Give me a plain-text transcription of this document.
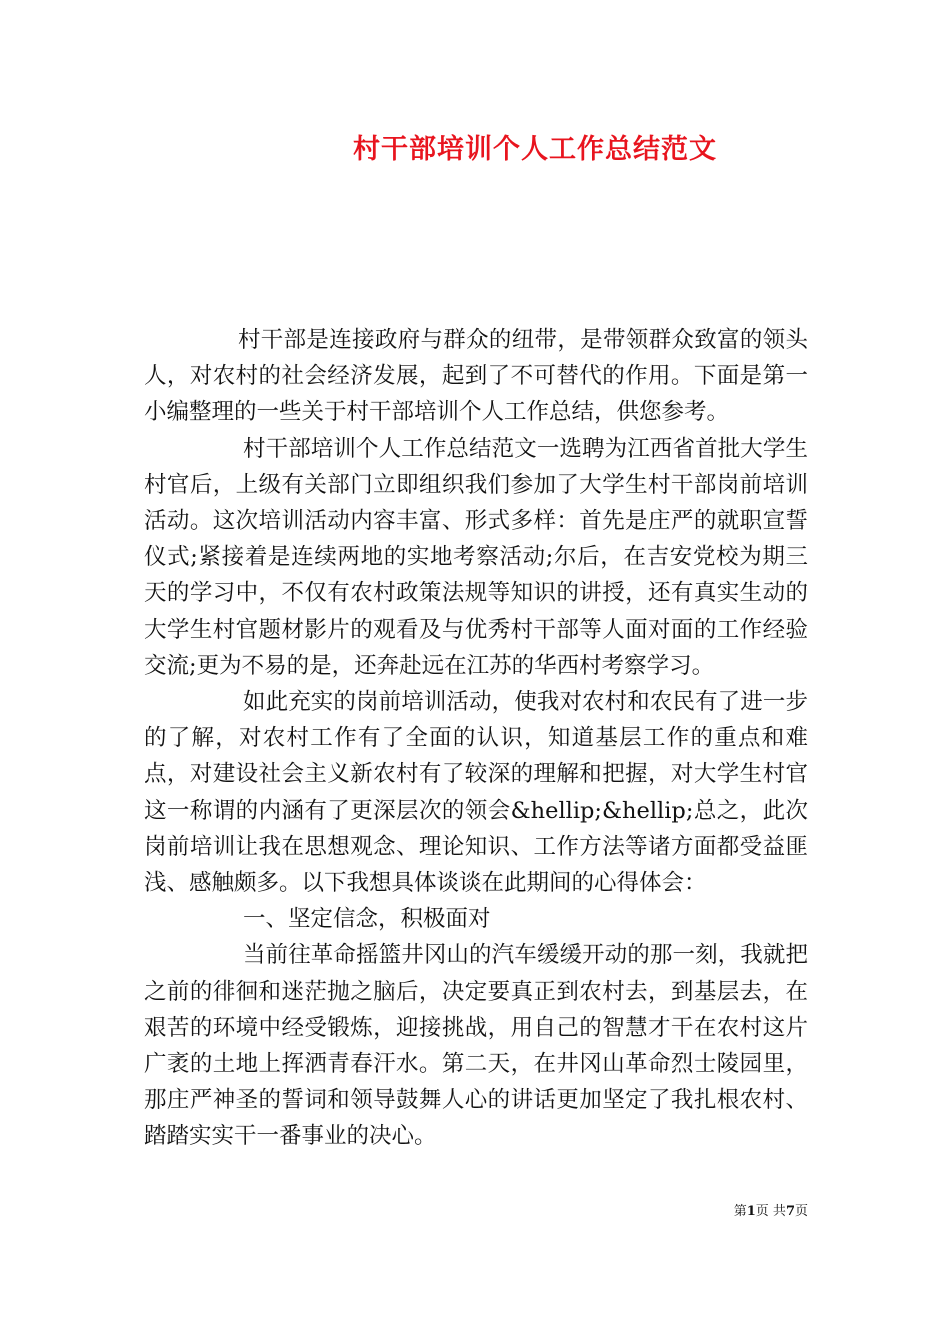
村干部培训个人工作总结范文

村干部是连接政府与群众的纽带，是带领群众致富的领头人，对农村的社会经济发展，起到了不可替代的作用。下面是第一小编整理的一些关于村干部培训个人工作总结，供您参考。

村干部培训个人工作总结范文一选聘为江西省首批大学生村官后，上级有关部门立即组织我们参加了大学生村干部岗前培训活动。这次培训活动内容丰富、形式多样：首先是庄严的就职宣誓仪式;紧接着是连续两地的实地考察活动;尔后，在吉安党校为期三天的学习中，不仅有农村政策法规等知识的讲授，还有真实生动的大学生村官题材影片的观看及与优秀村干部等人面对面的工作经验交流;更为不易的是，还奔赴远在江苏的华西村考察学习。

如此充实的岗前培训活动，使我对农村和农民有了进一步的了解，对农村工作有了全面的认识，知道基层工作的重点和难点，对建设社会主义新农村有了较深的理解和把握，对大学生村官这一称谓的内涵有了更深层次的领会&hellip;&hellip;总之，此次岗前培训让我在思想观念、理论知识、工作方法等诸方面都受益匪浅、感触颇多。以下我想具体谈谈在此期间的心得体会：

一、坚定信念，积极面对

当前往革命摇篮井冈山的汽车缓缓开动的那一刻，我就把之前的徘徊和迷茫抛之脑后，决定要真正到农村去，到基层去，在艰苦的环境中经受锻炼，迎接挑战，用自己的智慧才干在农村这片广袤的土地上挥洒青春汗水。第二天，在井冈山革命烈士陵园里，那庄严神圣的誓词和领导鼓舞人心的讲话更加坚定了我扎根农村、踏踏实实干一番事业的决心。

第1页 共7页
